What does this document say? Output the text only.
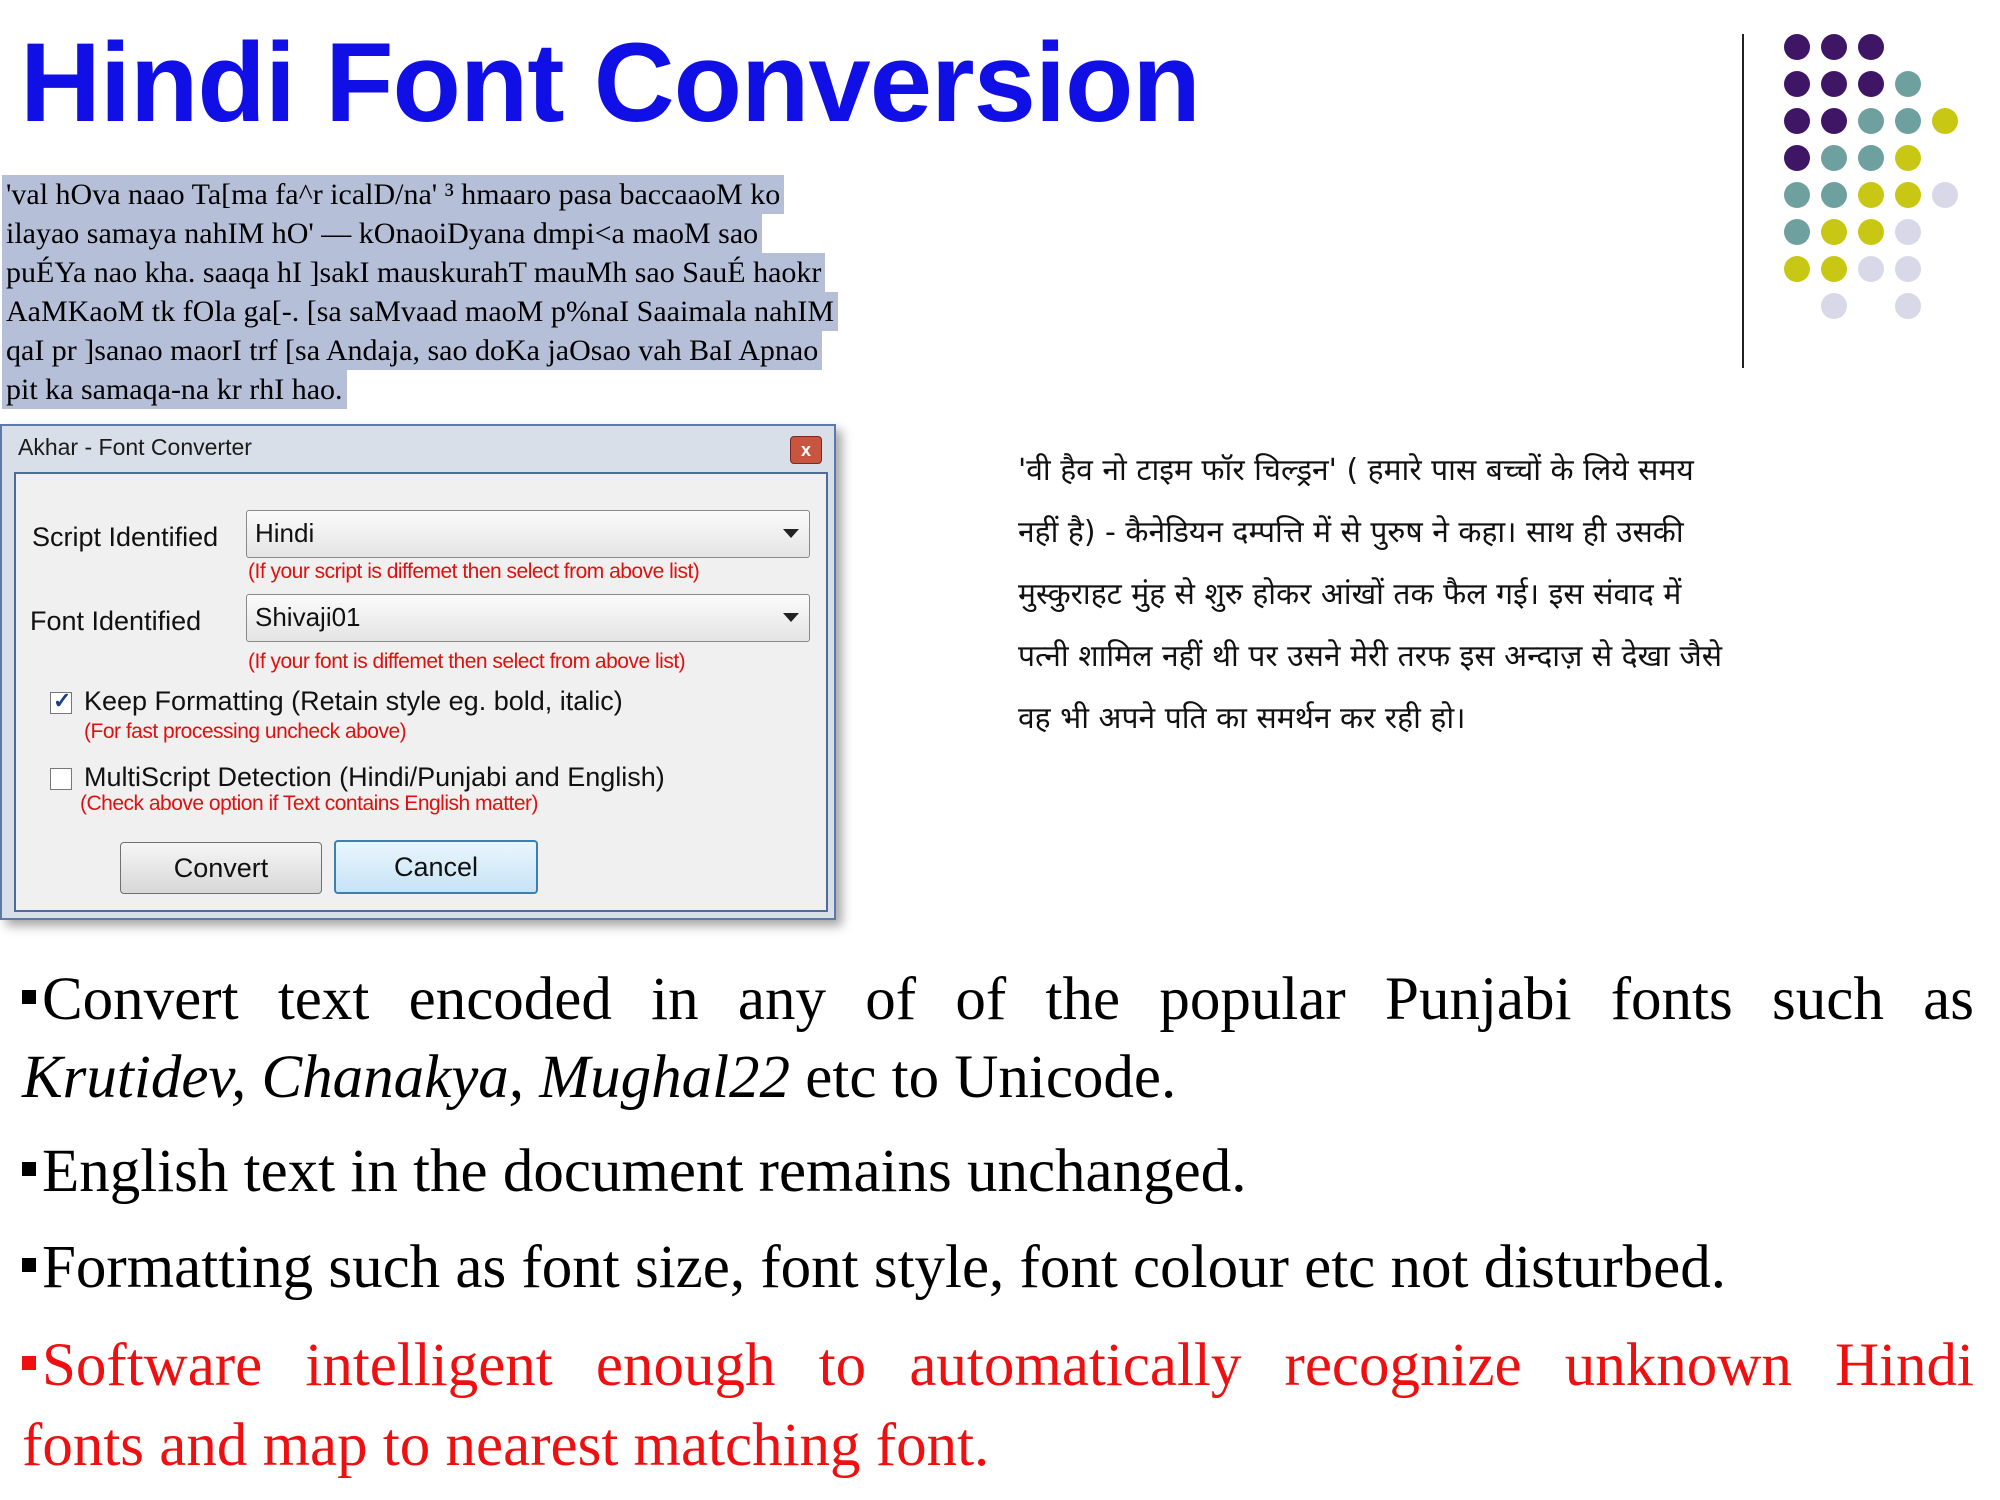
Hindi Font Conversion
'val hOva naao Ta[ma fa^r icalD/na' ³ hmaaro pasa baccaaoM ko
ilayao samaya nahIM hO' — kOnaoiDyana dmpi<a maoM sao
puÉYa nao kha. saaqa hI ]sakI mauskurahT mauMh sao SauÉ haokr
AaMKaoM tk fOla ga[-. [sa saMvaad maoM p%naI Saaimala nahIM
qaI pr ]sanao maorI trf [sa Andaja, sao doKa jaOsao vah BaI Apnao
pit ka samaqa-na kr rhI hao.
Akhar - Font Converter	x
Script Identified Hindi
(If your script is diffemet then select from above list)
Font Identified Shivaji01
(If your font is diffemet then select from above list)
✓ Keep Formatting (Retain style eg. bold, italic)
(For fast processing uncheck above)
MultiScript Detection (Hindi/Punjabi and English)
(Check above option if Text contains English matter)
Convert	Cancel
'वी हैव नो टाइम फॉर चिल्ड्रन' ( हमारे पास बच्चों के लिये समय
नहीं है) - कैनेडियन दम्पत्ति में से पुरुष ने कहा। साथ ही उसकी
मुस्कुराहट मुंह से शुरु होकर आंखों तक फैल गई। इस संवाद में
पत्नी शामिल नहीं थी पर उसने मेरी तरफ इस अन्दाज़ से देखा जैसे
वह भी अपने पति का समर्थन कर रही हो।
Convert text encoded in any of of the popular Punjabi fonts such as
Krutidev, Chanakya, Mughal22 etc to Unicode.
English text in the document remains unchanged.
Formatting such as font size, font style, font colour etc not disturbed.
Software intelligent enough to automatically recognize unknown Hindi
fonts and map to nearest matching font.
